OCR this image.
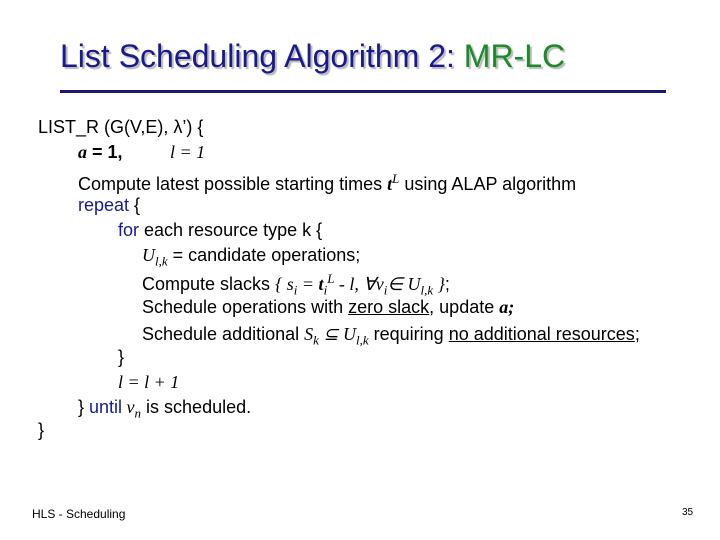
List Scheduling Algorithm 2: MR-LC
LIST_R (G(V,E), λ’) {
a = 1,	l = 1
Compute latest possible starting times $t^L$ using ALAP algorithm
repeat {
for each resource type k {
$U_{l,k}$ = candidate operations;
Compute slacks { $s_i = t_i^L - l$, $\forall v_i\in$ $U_{l,k}$ };
Schedule operations with zero slack, update a;
Schedule additional $S_k$ ⊆ $U_{l,k}$ requiring no additional resources;
}
l = l + 1
} until $v_n$ is scheduled.
}
HLS - Scheduling	35
